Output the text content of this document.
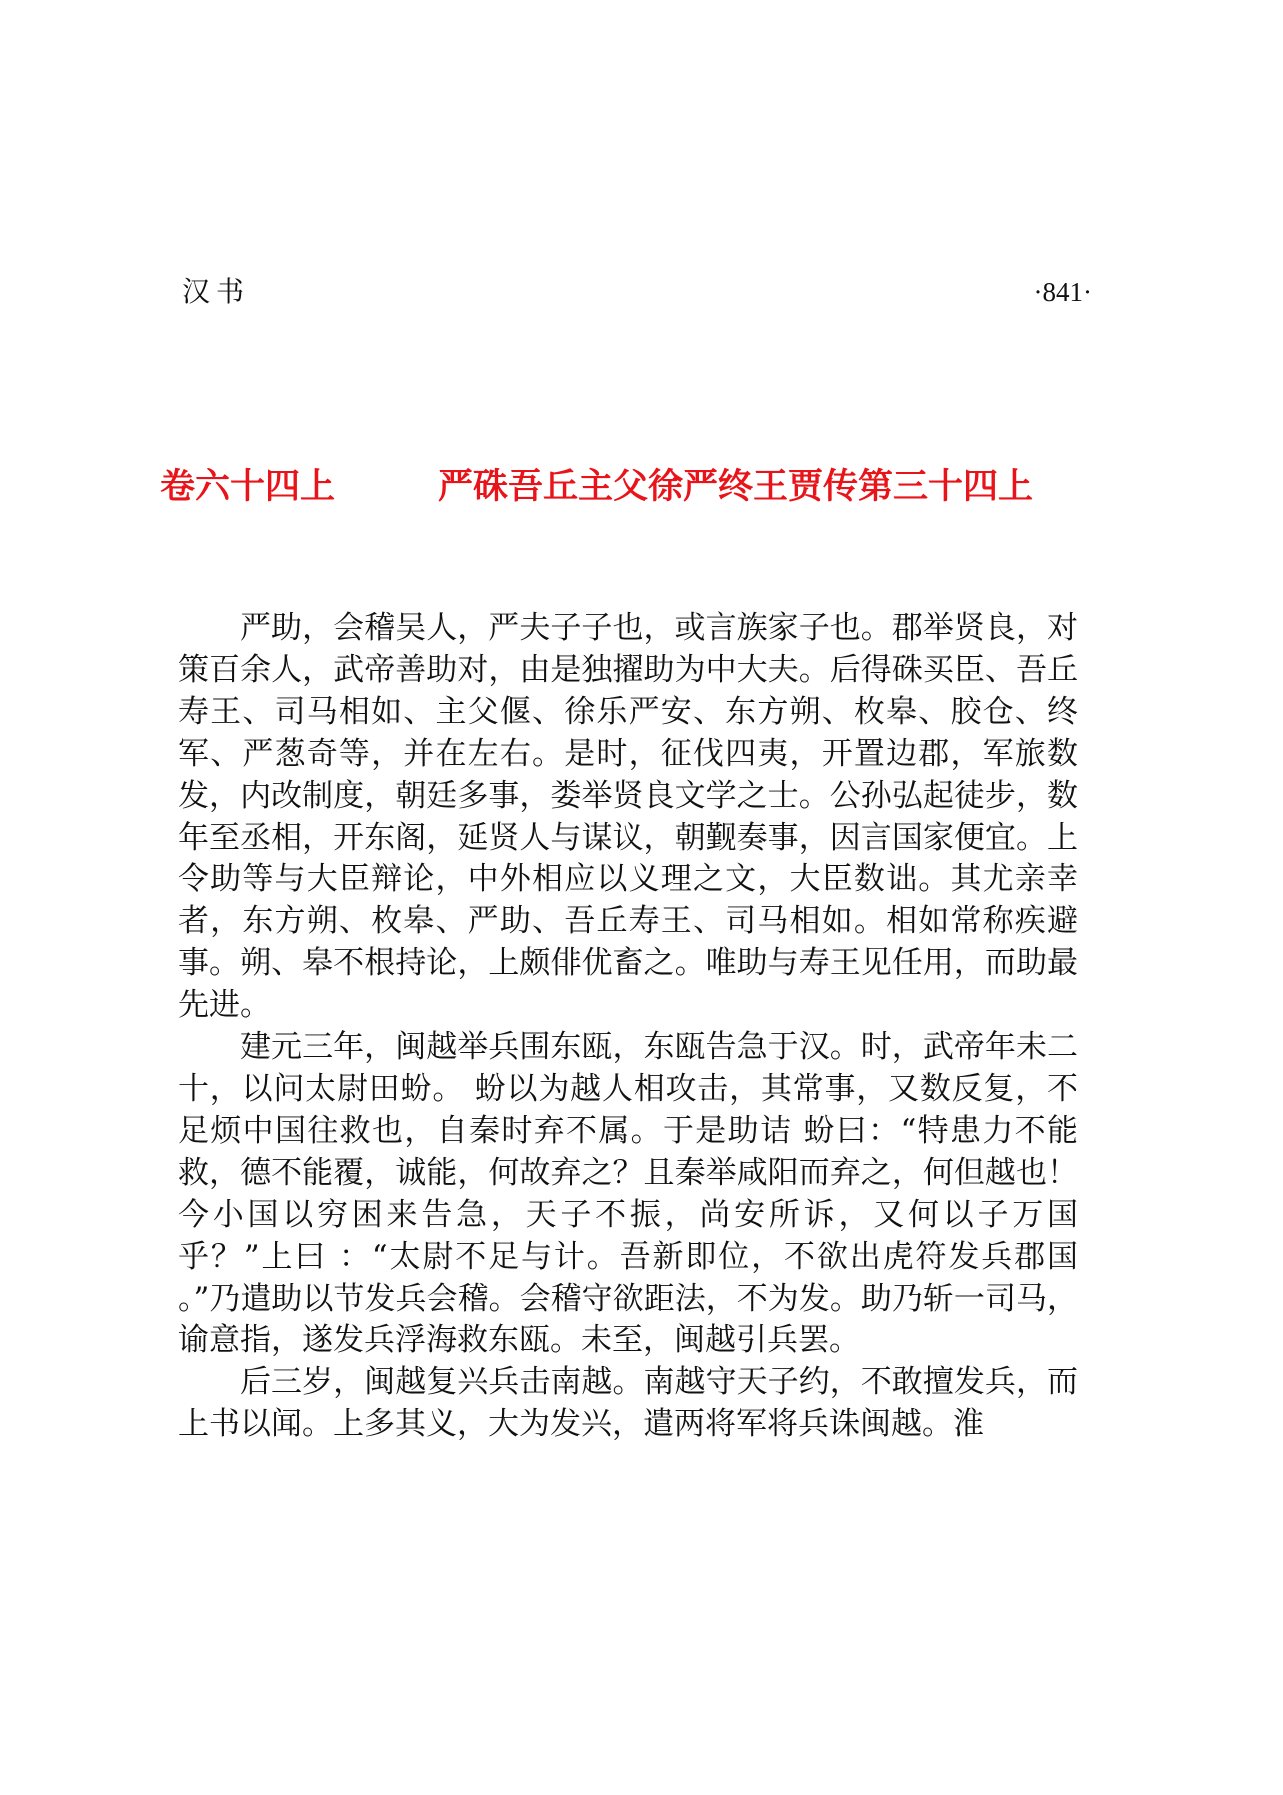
汉书	·841·
卷六十四上	严硃吾丘主父徐严终王贾传第三十四上

严助，会稽吴人，严夫子子也，或言族家子也。郡举贤良，对策百余人，武帝善助对，由是独擢助为中大夫。后得硃买臣、吾丘寿王、司马相如、主父偃、徐乐严安、东方朔、枚皋、胶仓、终军、严葱奇等，并在左右。是时，征伐四夷，开置边郡，军旅数发，内改制度，朝廷多事，娄举贤良文学之士。公孙弘起徒步，数年至丞相，开东阁，延贤人与谋议，朝觐奏事，因言国家便宜。上令助等与大臣辩论，中外相应以义理之文，大臣数诎。其尤亲幸者，东方朔、枚皋、严助、吾丘寿王、司马相如。相如常称疾避事。朔、皋不根持论，上颇俳优畜之。唯助与寿王见任用，而助最先进。

建元三年，闽越举兵围东瓯，东瓯告急于汉。时，武帝年未二十，以问太尉田蚡。 蚡以为越人相攻击，其常事，又数反复，不足烦中国往救也，自秦时弃不属。于是助诘 蚡曰：“特患力不能救，德不能覆，诚能，何故弃之？且秦举咸阳而弃之，何但越也！今小国以穷困来告急，天子不振，尚安所诉，又何以子万国乎？”上曰 ：“太尉不足与计。吾新即位，不欲出虎符发兵郡国 。”乃遣助以节发兵会稽。会稽守欲距法，不为发。助乃斩一司马，谕意指，遂发兵浮海救东瓯。未至，闽越引兵罢。

后三岁，闽越复兴兵击南越。南越守天子约，不敢擅发兵，而上书以闻。上多其义，大为发兴，遣两将军将兵诛闽越。淮
